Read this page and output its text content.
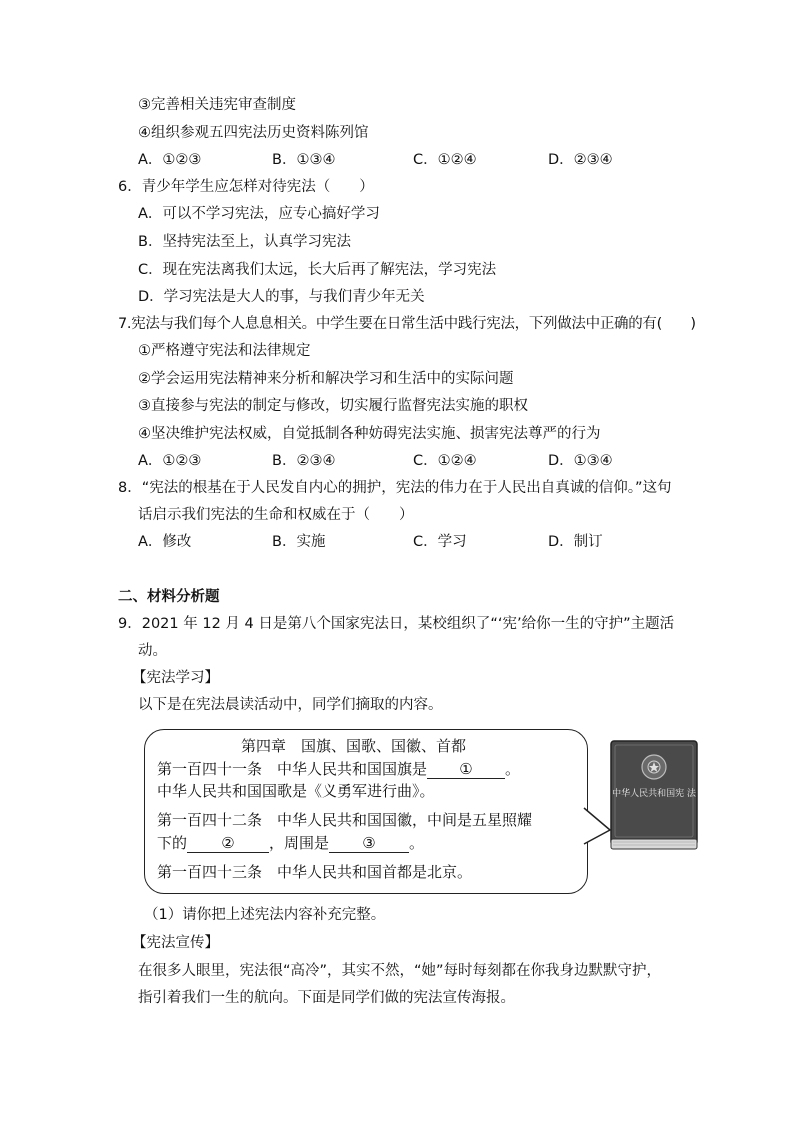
③完善相关违宪审查制度
④组织参观五四宪法历史资料陈列馆
A．①②③	B．①③④	C．①②④	D．②③④
6．青少年学生应怎样对待宪法（　　）
A．可以不学习宪法，应专心搞好学习
B．坚持宪法至上，认真学习宪法
C．现在宪法离我们太远，长大后再了解宪法，学习宪法
D．学习宪法是大人的事，与我们青少年无关
7.宪法与我们每个人息息相关。中学生要在日常生活中践行宪法，下列做法中正确的有(　　)
①严格遵守宪法和法律规定
②学会运用宪法精神来分析和解决学习和生活中的实际问题
③直接参与宪法的制定与修改，切实履行监督宪法实施的职权
④坚决维护宪法权威，自觉抵制各种妨碍宪法实施、损害宪法尊严的行为
A．①②③	B．②③④	C．①②④	D．①③④
8．“宪法的根基在于人民发自内心的拥护，宪法的伟力在于人民出自真诚的信仰。”这句
话启示我们宪法的生命和权威在于（　　）
A．修改	B．实施	C．学习	D．制订
二、材料分析题
9．2021 年 12 月 4 日是第八个国家宪法日，某校组织了“‘宪’给你一生的守护”主题活
动。
【宪法学习】
以下是在宪法晨读活动中，同学们摘取的内容。
第四章　国旗、国歌、国徽、首都
第一百四十一条　中华人民共和国国旗是 ① 。
中华人民共和国国歌是《义勇军进行曲》。
第一百四十二条　中华人民共和国国徽，中间是五星照耀
下的 ② ，周围是 ③ 。
第一百四十三条　中华人民共和国首都是北京。
中华人民共和国宪 法
（1）请你把上述宪法内容补充完整。
【宪法宣传】
在很多人眼里，宪法很“高冷”，其实不然，“她”每时每刻都在你我身边默默守护，
指引着我们一生的航向。下面是同学们做的宪法宣传海报。
